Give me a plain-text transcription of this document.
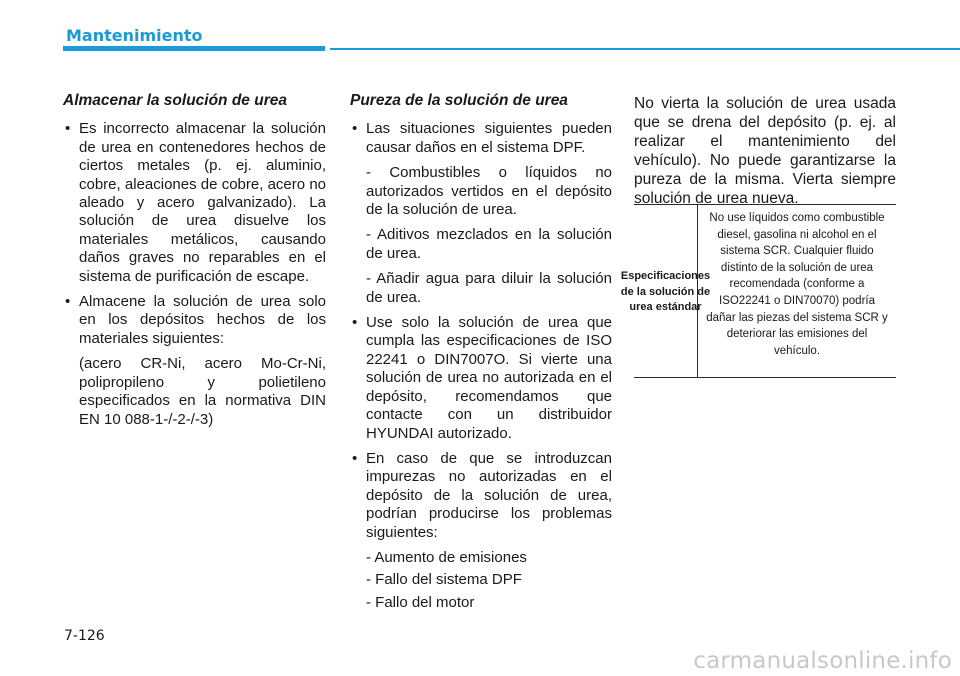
Mantenimiento
Almacenar la solución de urea
• Es incorrecto almacenar la solución de urea en contenedores hechos de ciertos metales (p. ej. aluminio, cobre, aleaciones de cobre, acero no aleado y acero galvanizado). La solución de urea disuelve los materiales metálicos, causando daños graves no reparables en el sistema de purificación de escape.
• Almacene la solución de urea solo en los depósitos hechos de los materiales siguientes:
(acero CR-Ni, acero Mo-Cr-Ni, polipropileno y polietileno especificados en la normativa DIN EN 10 088-1-/-2-/-3)
Pureza de la solución de urea
• Las situaciones siguientes pueden causar daños en el sistema DPF.
- Combustibles o líquidos no autorizados vertidos en el depósito de la solución de urea.
- Aditivos mezclados en la solución de urea.
- Añadir agua para diluir la solución de urea.
• Use solo la solución de urea que cumpla las especificaciones de ISO 22241 o DIN7007O. Si vierte una solución de urea no autorizada en el depósito, recomendamos que contacte con un distribuidor HYUNDAI autorizado.
• En caso de que se introduzcan impurezas no autorizadas en el depósito de la solución de urea, podrían producirse los problemas siguientes:
- Aumento de emisiones
- Fallo del sistema DPF
- Fallo del motor

No vierta la solución de urea usada que se drena del depósito (p. ej. al realizar el mantenimiento del vehículo). No puede garantizarse la pureza de la misma. Vierta siempre solución de urea nueva.

Especificaciones de la solución de urea estándar
No use líquidos como combustible diesel, gasolina ni alcohol en el sistema SCR. Cualquier fluido distinto de la solución de urea recomendada (conforme a ISO22241 o DIN70070) podría dañar las piezas del sistema SCR y deteriorar las emisiones del vehículo.
7-126
carmanualsonline.info
